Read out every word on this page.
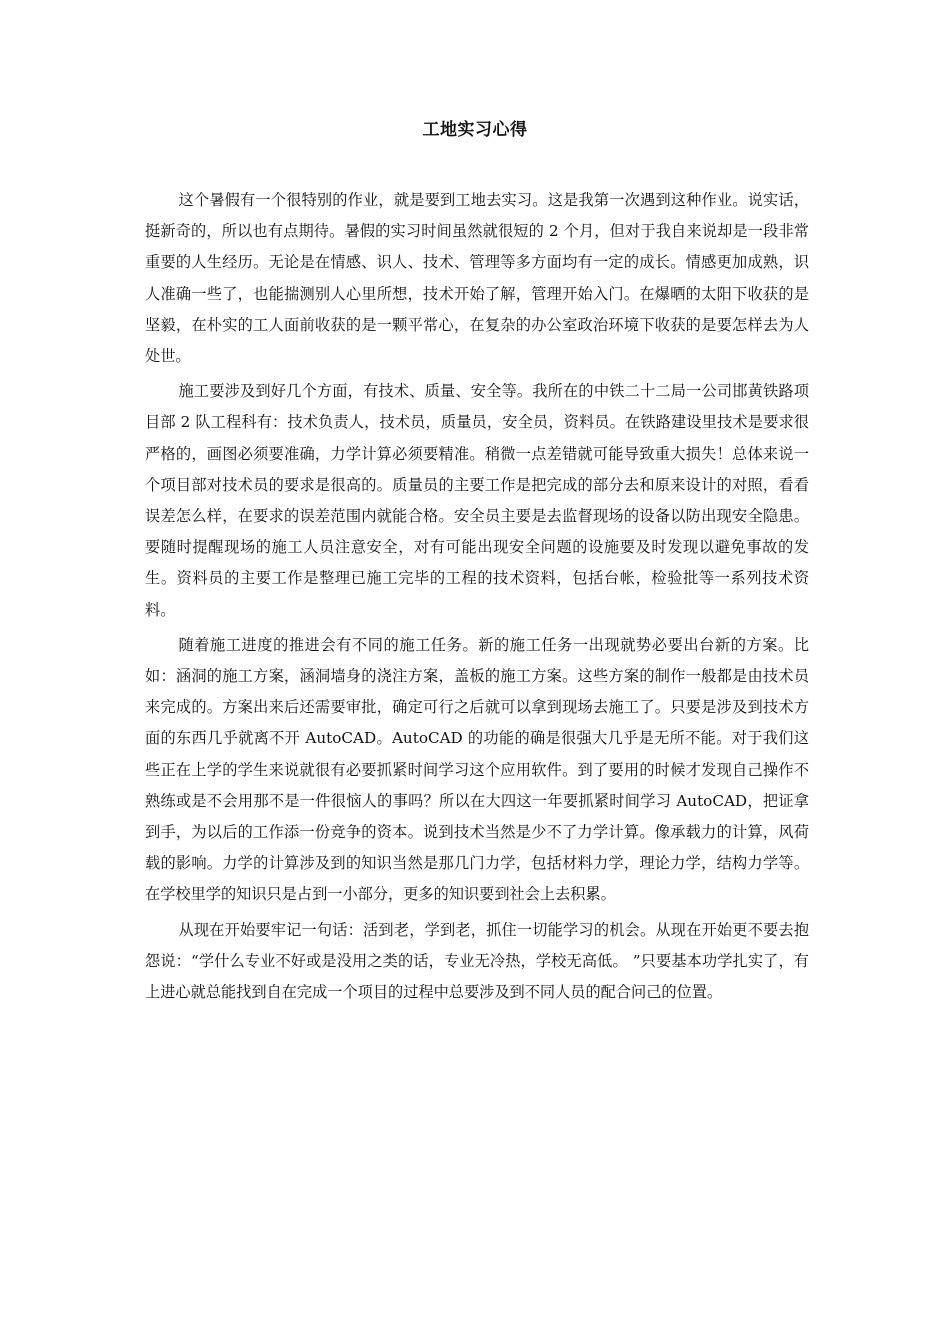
工地实习心得

这个暑假有一个很特别的作业，就是要到工地去实习。这是我第一次遇到这种作业。说实话，挺新奇的，所以也有点期待。暑假的实习时间虽然就很短的 2 个月，但对于我自来说却是一段非常重要的人生经历。无论是在情感、识人、技术、管理等多方面均有一定的成长。情感更加成熟，识人准确一些了，也能揣测别人心里所想，技术开始了解，管理开始入门。在爆晒的太阳下收获的是坚毅，在朴实的工人面前收获的是一颗平常心，在复杂的办公室政治环境下收获的是要怎样去为人处世。

施工要涉及到好几个方面，有技术、质量、安全等。我所在的中铁二十二局一公司邯黄铁路项目部 2 队工程科有：技术负责人，技术员，质量员，安全员，资料员。在铁路建设里技术是要求很严格的，画图必须要准确，力学计算必须要精准。稍微一点差错就可能导致重大损失！总体来说一个项目部对技术员的要求是很高的。质量员的主要工作是把完成的部分去和原来设计的对照，看看误差怎么样，在要求的误差范围内就能合格。安全员主要是去监督现场的设备以防出现安全隐患。要随时提醒现场的施工人员注意安全，对有可能出现安全问题的设施要及时发现以避免事故的发生。资料员的主要工作是整理已施工完毕的工程的技术资料，包括台帐，检验批等一系列技术资料。

随着施工进度的推进会有不同的施工任务。新的施工任务一出现就势必要出台新的方案。比如：涵洞的施工方案，涵洞墙身的浇注方案，盖板的施工方案。这些方案的制作一般都是由技术员来完成的。方案出来后还需要审批，确定可行之后就可以拿到现场去施工了。只要是涉及到技术方面的东西几乎就离不开 AutoCAD。AutoCAD 的功能的确是很强大几乎是无所不能。对于我们这些正在上学的学生来说就很有必要抓紧时间学习这个应用软件。到了要用的时候才发现自己操作不熟练或是不会用那不是一件很恼人的事吗？所以在大四这一年要抓紧时间学习 AutoCAD，把证拿到手，为以后的工作添一份竞争的资本。说到技术当然是少不了力学计算。像承载力的计算，风荷载的影响。力学的计算涉及到的知识当然是那几门力学，包括材料力学，理论力学，结构力学等。在学校里学的知识只是占到一小部分，更多的知识要到社会上去积累。

从现在开始要牢记一句话：活到老，学到老，抓住一切能学习的机会。从现在开始更不要去抱怨说：“学什么专业不好或是没用之类的话，专业无冷热，学校无高低。 ”只要基本功学扎实了，有上进心就总能找到自在完成一个项目的过程中总要涉及到不同人员的配合问己的位置。
